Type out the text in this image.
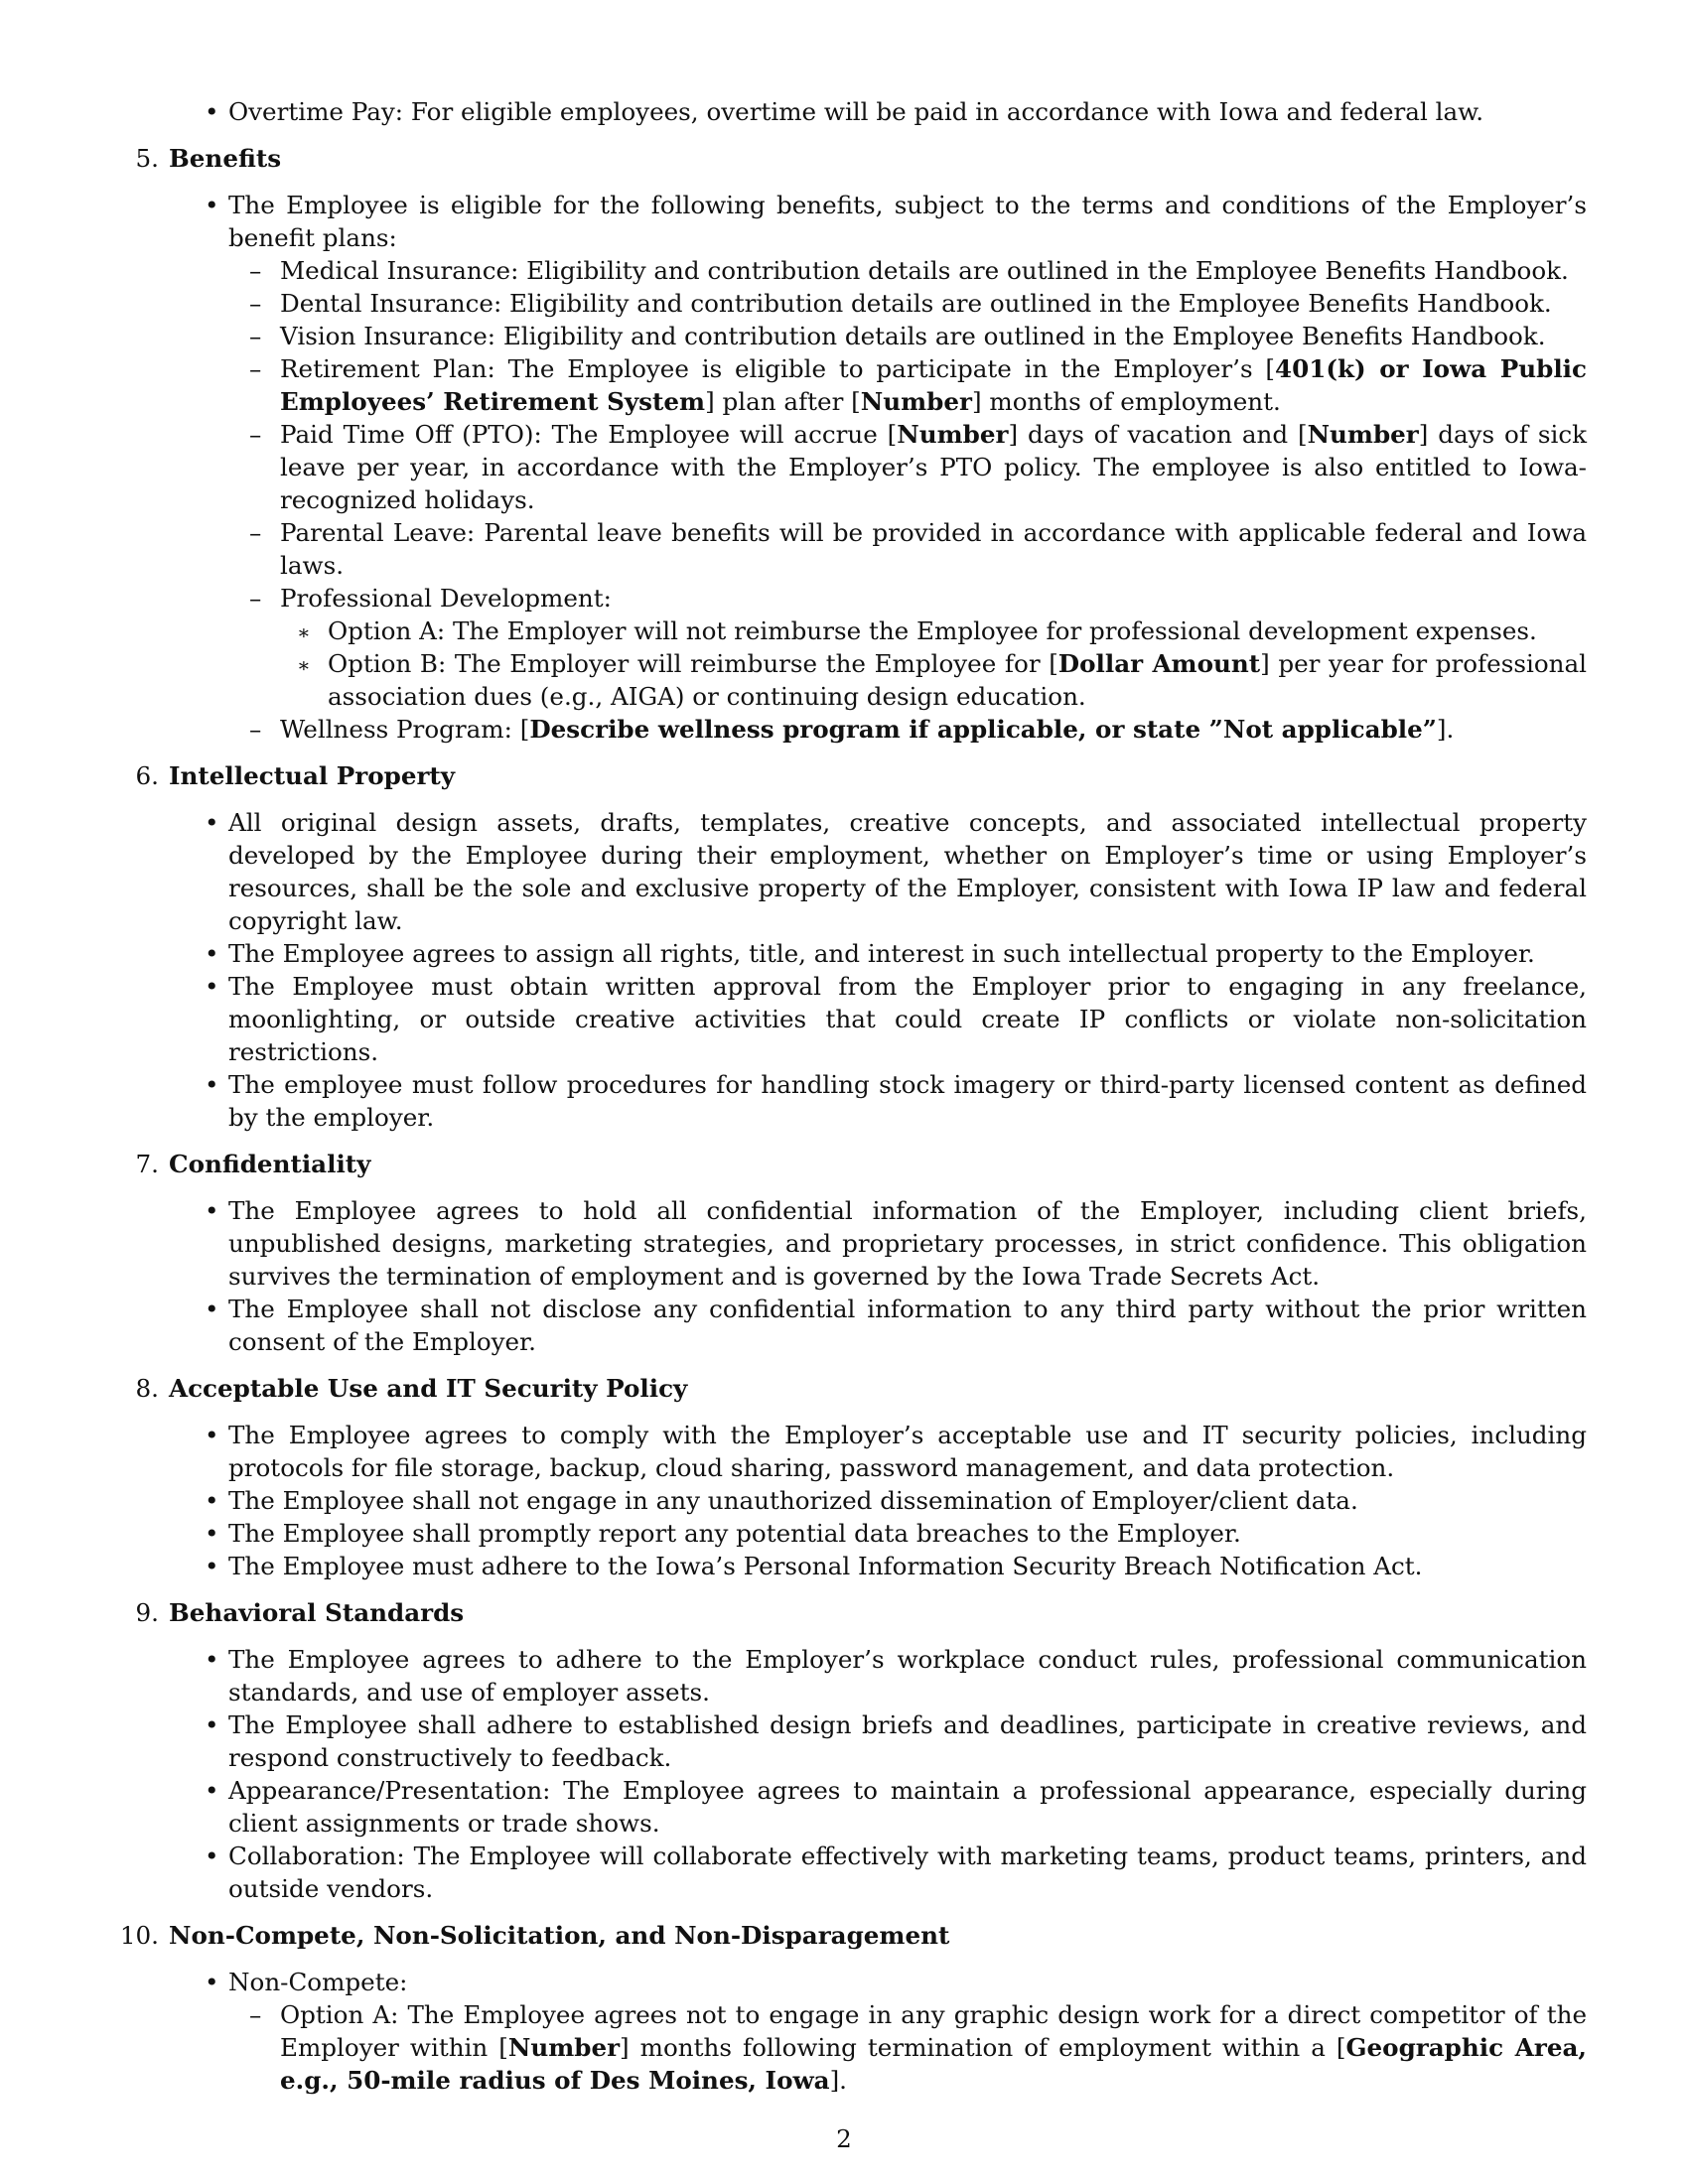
• Overtime Pay: For eligible employees, overtime will be paid in accordance with Iowa and federal law.
5. Benefits
• The Employee is eligible for the following benefits, subject to the terms and conditions of the Employer’s benefit plans:
– Medical Insurance: Eligibility and contribution details are outlined in the Employee Benefits Handbook.
– Dental Insurance: Eligibility and contribution details are outlined in the Employee Benefits Handbook.
– Vision Insurance: Eligibility and contribution details are outlined in the Employee Benefits Handbook.
– Retirement Plan: The Employee is eligible to participate in the Employer’s [401(k) or Iowa Public Employees’ Retirement System] plan after [Number] months of employment.
– Paid Time Off (PTO): The Employee will accrue [Number] days of vacation and [Number] days of sick leave per year, in accordance with the Employer’s PTO policy. The employee is also entitled to Iowa-recognized holidays.
– Parental Leave: Parental leave benefits will be provided in accordance with applicable federal and Iowa laws.
– Professional Development:
∗ Option A: The Employer will not reimburse the Employee for professional development expenses.
∗ Option B: The Employer will reimburse the Employee for [Dollar Amount] per year for professional association dues (e.g., AIGA) or continuing design education.
– Wellness Program: [Describe wellness program if applicable, or state ”Not applicable”].
6. Intellectual Property
• All original design assets, drafts, templates, creative concepts, and associated intellectual property developed by the Employee during their employment, whether on Employer’s time or using Employer’s resources, shall be the sole and exclusive property of the Employer, consistent with Iowa IP law and federal copyright law.
• The Employee agrees to assign all rights, title, and interest in such intellectual property to the Employer.
• The Employee must obtain written approval from the Employer prior to engaging in any freelance, moonlighting, or outside creative activities that could create IP conflicts or violate non-solicitation restrictions.
• The employee must follow procedures for handling stock imagery or third-party licensed content as defined by the employer.
7. Confidentiality
• The Employee agrees to hold all confidential information of the Employer, including client briefs, unpublished designs, marketing strategies, and proprietary processes, in strict confidence. This obligation survives the termination of employment and is governed by the Iowa Trade Secrets Act.
• The Employee shall not disclose any confidential information to any third party without the prior written consent of the Employer.
8. Acceptable Use and IT Security Policy
• The Employee agrees to comply with the Employer’s acceptable use and IT security policies, including protocols for file storage, backup, cloud sharing, password management, and data protection.
• The Employee shall not engage in any unauthorized dissemination of Employer/client data.
• The Employee shall promptly report any potential data breaches to the Employer.
• The Employee must adhere to the Iowa’s Personal Information Security Breach Notification Act.
9. Behavioral Standards
• The Employee agrees to adhere to the Employer’s workplace conduct rules, professional communication standards, and use of employer assets.
• The Employee shall adhere to established design briefs and deadlines, participate in creative reviews, and respond constructively to feedback.
• Appearance/Presentation: The Employee agrees to maintain a professional appearance, especially during client assignments or trade shows.
• Collaboration: The Employee will collaborate effectively with marketing teams, product teams, printers, and outside vendors.
10. Non-Compete, Non-Solicitation, and Non-Disparagement
• Non-Compete:
– Option A: The Employee agrees not to engage in any graphic design work for a direct competitor of the Employer within [Number] months following termination of employment within a [Geographic Area, e.g., 50-mile radius of Des Moines, Iowa].
2
